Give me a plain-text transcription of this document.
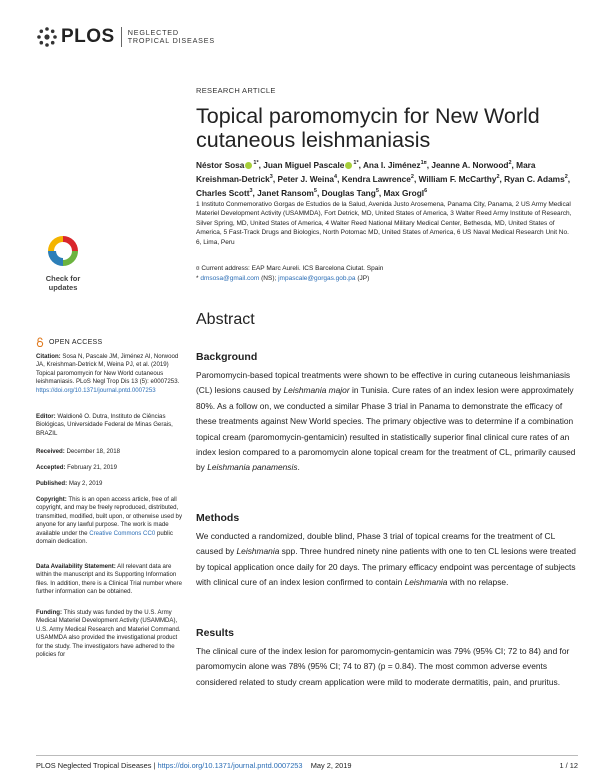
PLOS NEGLECTED
TROPICAL DISEASES
Check for
updates
OPEN ACCESS
Citation: Sosa N, Pascale JM, Jiménez AI, Norwood JA, Kreishman-Detrick M, Weina PJ, et al. (2019) Topical paromomycin for New World cutaneous leishmaniasis. PLoS Negl Trop Dis 13 (5): e0007253. https://doi.org/10.1371/journal.pntd.0007253
Editor: Waldionê O. Dutra, Instituto de Ciências Biológicas, Universidade Federal de Minas Gerais, BRAZIL
Received: December 18, 2018
Accepted: February 21, 2019
Published: May 2, 2019
Copyright: This is an open access article, free of all copyright, and may be freely reproduced, distributed, transmitted, modified, built upon, or otherwise used by anyone for any lawful purpose. The work is made available under the Creative Commons CC0 public domain dedication.
Data Availability Statement: All relevant data are within the manuscript and its Supporting Information files. In addition, there is a Clinical Trial number where further information can be obtained.
Funding: This study was funded by the U.S. Army Medical Materiel Development Activity (USAMMDA), U.S. Army Medical Research and Materiel Command. USAMMDA also provided the investigational product for the study. The investigators have adhered to the policies for
RESEARCH ARTICLE
Topical paromomycin for New World cutaneous leishmaniasis
Néstor Sosa $^{1*}$, Juan Miguel Pascale $^{1*}$, Ana I. Jiménez$^{1¤}$, Jeanne A. Norwood$^2$, Mara Kreishman-Detrick$^3$, Peter J. Weina$^4$, Kendra Lawrence$^2$, William F. McCarthy$^2$, Ryan C. Adams$^2$, Charles Scott$^3$, Janet Ransom$^5$, Douglas Tang$^5$, Max Grogl$^6$
1 Instituto Conmemorativo Gorgas de Estudios de la Salud, Avenida Justo Arosemena, Panama City, Panama, 2 US Army Medical Materiel Development Activity (USAMMDA), Fort Detrick, MD, United States of America, 3 Walter Reed Army Institute of Research, Silver Spring, MD, United States of America, 4 Walter Reed National Military Medical Center, Bethesda, MD, United States of America, 5 Fast-Track Drugs and Biologics, North Potomac MD, United States of America, 6 US Naval Medical Research Unit No. 6, Lima, Peru
¤ Current address: EAP Marc Aureli. ICS Barcelona Ciutat. Spain
* dmsosa@gmail.com (NS); jmpascale@gorgas.gob.pa (JP)
Abstract
Background
Paromomycin-based topical treatments were shown to be effective in curing cutaneous leishmaniasis (CL) lesions caused by Leishmania major in Tunisia. Cure rates of an index lesion were approximately 80%. As a follow on, we conducted a similar Phase 3 trial in Panama to demonstrate the efficacy of these treatments against New World species. The primary objective was to determine if a combination topical cream (paromomycin-gentamicin) resulted in statistically superior final clinical cure rates of an index lesion compared to a paromomycin alone topical cream for the treatment of CL, primarily caused by Leishmania panamensis.
Methods
We conducted a randomized, double blind, Phase 3 trial of topical creams for the treatment of CL caused by Leishmania spp. Three hundred ninety nine patients with one to ten CL lesions were treated by topical application once daily for 20 days. The primary efficacy endpoint was percentage of subjects with clinical cure of an index lesion confirmed to contain Leishmania with no relapse.
Results
The clinical cure of the index lesion for paromomycin-gentamicin was 79% (95% CI; 72 to 84) and for paromomycin alone was 78% (95% CI; 74 to 87) (p = 0.84). The most common adverse events considered related to study cream application were mild to moderate dermatitis, pain, and pruritus.
PLOS Neglected Tropical Diseases | https://doi.org/10.1371/journal.pntd.0007253 May 2, 2019	1 / 12
